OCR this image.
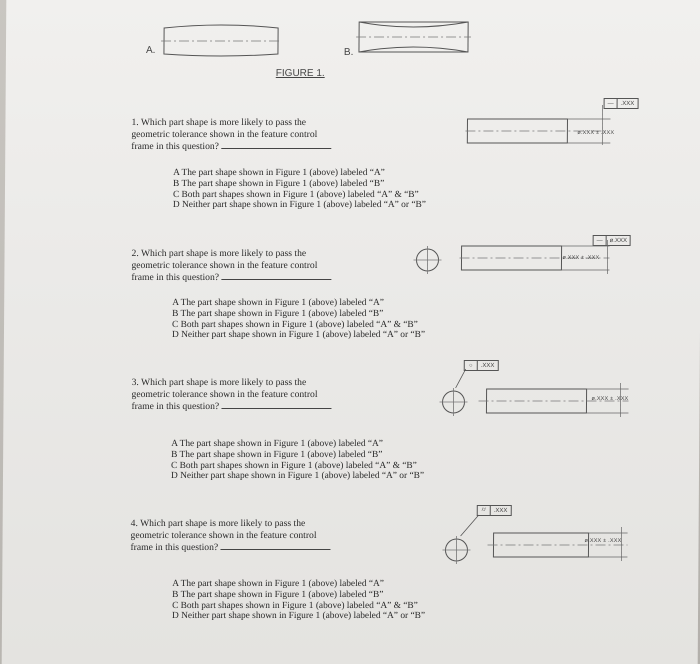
A.	B.
FIGURE 1.
1. Which part shape is more likely to pass the
geometric tolerance shown in the feature control
frame in this question?
—	.XXX
ø.XXX ± .XXX
A The part shape shown in Figure 1 (above) labeled “A”
B The part shape shown in Figure 1 (above) labeled “B”
C Both part shapes shown in Figure 1 (above) labeled “A” & “B”
D Neither part shape shown in Figure 1 (above) labeled “A” or “B”
2. Which part shape is more likely to pass the
geometric tolerance shown in the feature control
frame in this question?
—	ø.XXX
ø.XXX ± .XXX
A The part shape shown in Figure 1 (above) labeled “A”
B The part shape shown in Figure 1 (above) labeled “B”
C Both part shapes shown in Figure 1 (above) labeled “A” & “B”
D Neither part shape shown in Figure 1 (above) labeled “A” or “B”
3. Which part shape is more likely to pass the
geometric tolerance shown in the feature control
frame in this question?
○	.XXX
ø.XXX ± .XXX
A The part shape shown in Figure 1 (above) labeled “A”
B The part shape shown in Figure 1 (above) labeled “B”
C Both part shapes shown in Figure 1 (above) labeled “A” & “B”
D Neither part shape shown in Figure 1 (above) labeled “A” or “B”
4. Which part shape is more likely to pass the
geometric tolerance shown in the feature control
frame in this question?
⌭	.XXX
ø.XXX ± .XXX
A The part shape shown in Figure 1 (above) labeled “A”
B The part shape shown in Figure 1 (above) labeled “B”
C Both part shapes shown in Figure 1 (above) labeled “A” & “B”
D Neither part shape shown in Figure 1 (above) labeled “A” or “B”
